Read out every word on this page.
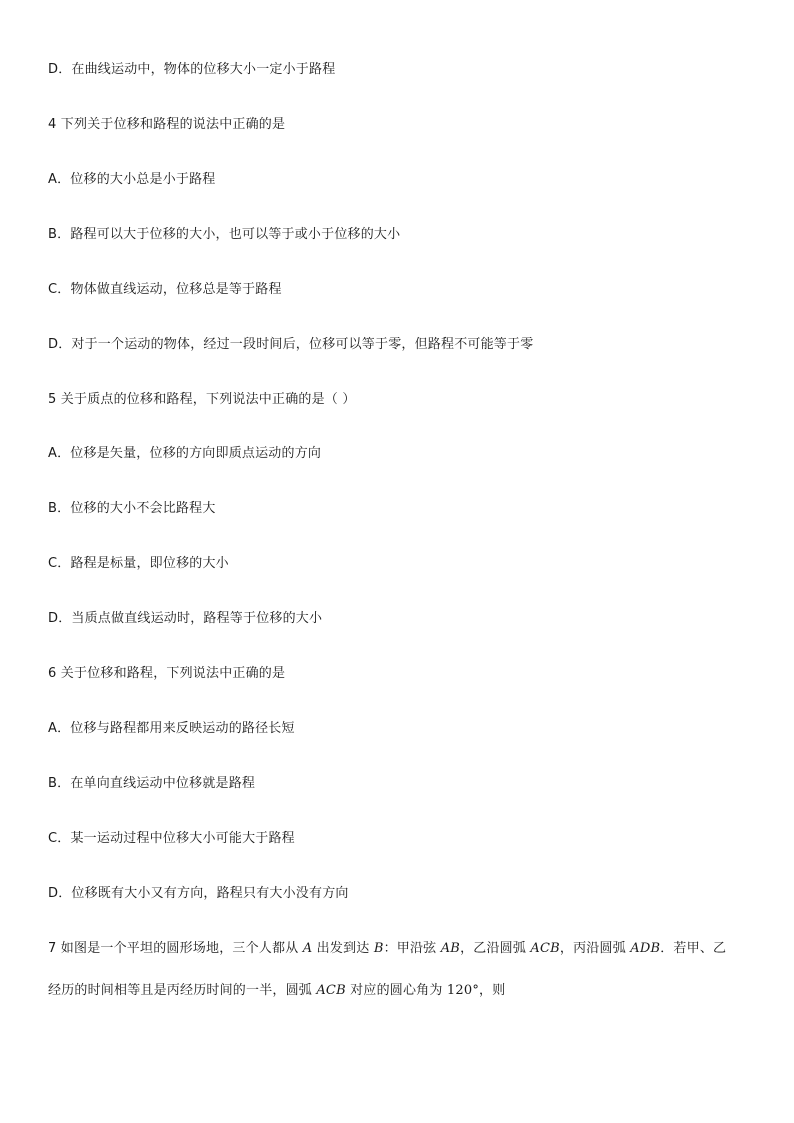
D．在曲线运动中，物体的位移大小一定小于路程
4 下列关于位移和路程的说法中正确的是
A．位移的大小总是小于路程
B．路程可以大于位移的大小，也可以等于或小于位移的大小
C．物体做直线运动，位移总是等于路程
D．对于一个运动的物体，经过一段时间后，位移可以等于零，但路程不可能等于零
5 关于质点的位移和路程，下列说法中正确的是（ ）
A．位移是矢量，位移的方向即质点运动的方向
B．位移的大小不会比路程大
C．路程是标量，即位移的大小
D．当质点做直线运动时，路程等于位移的大小
6 关于位移和路程，下列说法中正确的是
A．位移与路程都用来反映运动的路径长短
B．在单向直线运动中位移就是路程
C．某一运动过程中位移大小可能大于路程
D．位移既有大小又有方向，路程只有大小没有方向
7 如图是一个平坦的圆形场地，三个人都从 A 出发到达 B：甲沿弦 AB，乙沿圆弧 ACB，丙沿圆弧 ADB．若甲、乙
经历的时间相等且是丙经历时间的一半，圆弧 ACB 对应的圆心角为 120°，则
